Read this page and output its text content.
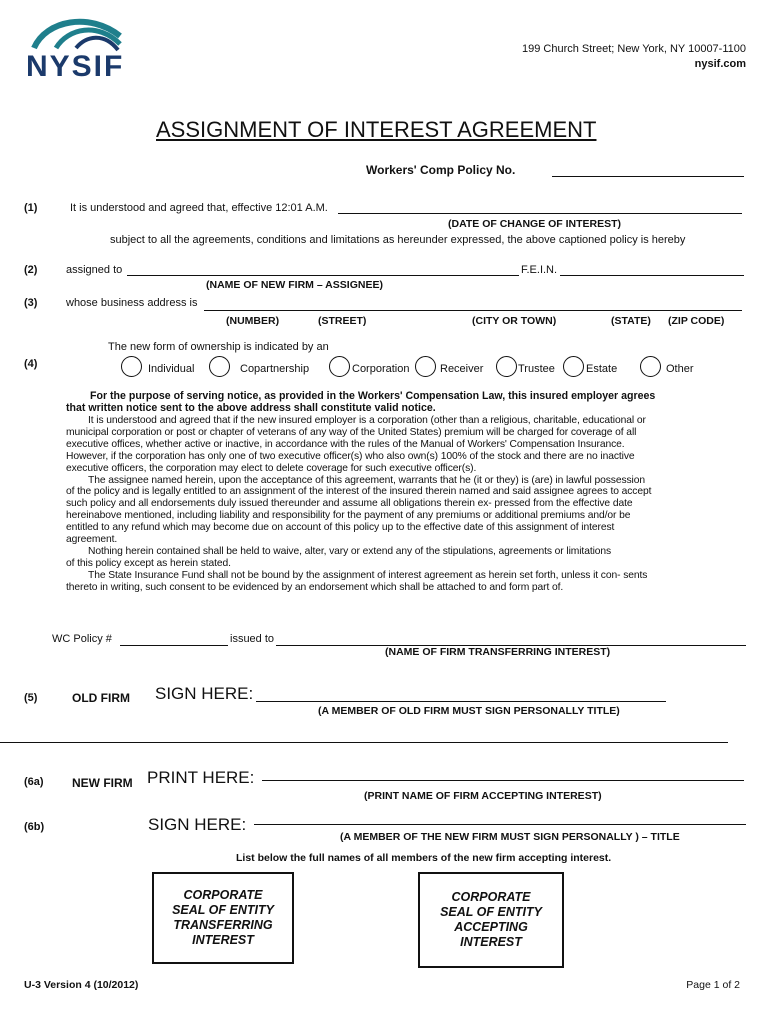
NYSIF
199 Church Street; New York, NY 10007-1100
nysif.com
ASSIGNMENT OF INTEREST AGREEMENT
Workers' Comp Policy No.
(1)	It is understood and agreed that, effective 12:01 A.M.
(DATE OF CHANGE OF INTEREST)
subject to all the agreements, conditions and limitations as hereunder expressed, the above captioned policy is hereby
(2)	assigned to	F.E.I.N.
(NAME OF NEW FIRM – ASSIGNEE)
(3)	whose business address is
(NUMBER)	(STREET)	(CITY OR TOWN)	(STATE) (ZIP CODE)
The new form of ownership is indicated by an
(4)	Individual	Copartnership	Corporation	Receiver	Trustee	Estate	Other
For the purpose of serving notice, as provided in the Workers' Compensation Law, this insured employer agrees
that written notice sent to the above address shall constitute valid notice.
It is understood and agreed that if the new insured employer is a corporation (other than a religious, charitable, educational or
municipal corporation or post or chapter of veterans of any way of the United States) premium will be charged for coverage of all
executive offices, whether active or inactive, in accordance with the rules of the Manual of Workers' Compensation Insurance.
However, if the corporation has only one of two executive officer(s) who also own(s) 100% of the stock and there are no inactive
executive officers, the corporation may elect to delete coverage for such executive officer(s).
The assignee named herein, upon the acceptance of this agreement, warrants that he (it or they) is (are) in lawful possession
of the policy and is legally entitled to an assignment of the interest of the insured therein named and said assignee agrees to accept
such policy and all endorsements duly issued thereunder and assume all obligations therein ex- pressed from the effective date
hereinabove mentioned, including liability and responsibility for the payment of any premiums or additional premiums and/or be
entitled to any refund which may become due on account of this policy up to the effective date of this assignment of interest
agreement.
Nothing herein contained shall be held to waive, alter, vary or extend any of the stipulations, agreements or limitations
of this policy except as herein stated.
The State Insurance Fund shall not be bound by the assignment of interest agreement as herein set forth, unless it con- sents
thereto in writing, such consent to be evidenced by an endorsement which shall be attached to and form part of.
WC Policy #	issued to
(NAME OF FIRM TRANSFERRING INTEREST)
(5)	OLD FIRM SIGN HERE:
(A MEMBER OF OLD FIRM MUST SIGN PERSONALLY TITLE)
(6a) NEW FIRM PRINT HERE:
(PRINT NAME OF FIRM ACCEPTING INTEREST)
(6b)	SIGN HERE:
(A MEMBER OF THE NEW FIRM MUST SIGN PERSONALLY ) – TITLE
List below the full names of all members of the new firm accepting interest.
CORPORATE
SEAL OF ENTITY
TRANSFERRING
INTEREST
CORPORATE
SEAL OF ENTITY
ACCEPTING
INTEREST
U-3 Version 4 (10/2012)	Page 1 of 2
